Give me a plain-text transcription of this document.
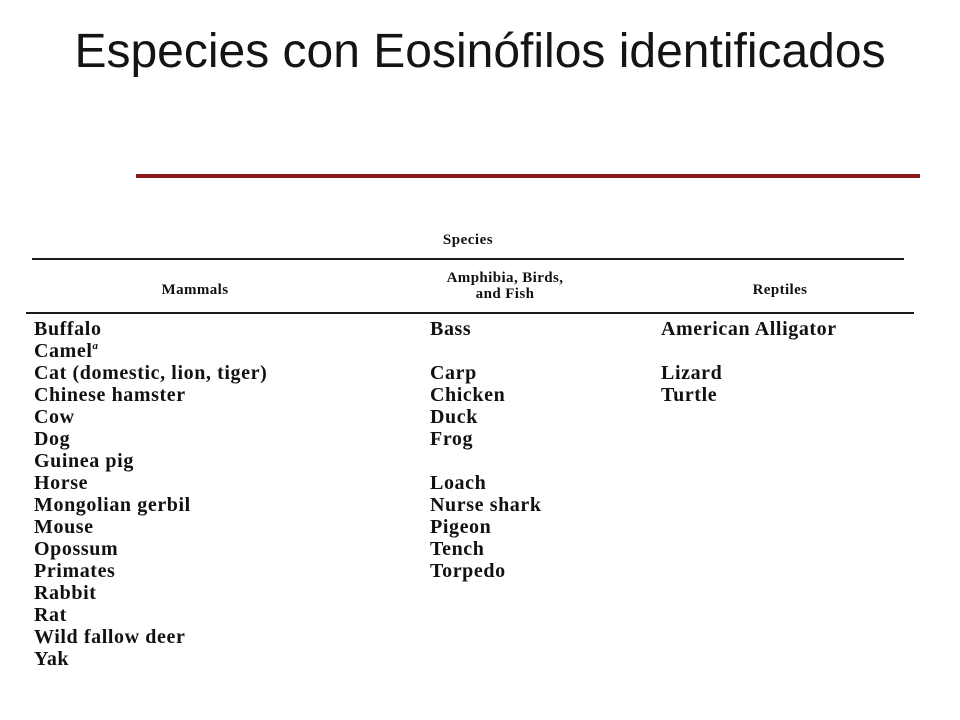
Especies con Eosinófilos identificados
Species
Mammals
Amphibia, Birds,
and Fish	Reptiles
Buffalo
Camel$^a$
Cat (domestic, lion, tiger)
Chinese hamster
Cow
Dog
Guinea pig
Horse
Mongolian gerbil
Mouse
Opossum
Primates
Rabbit
Rat
Wild fallow deer
Yak
Bass
Carp
Chicken
Duck
Frog
Loach
Nurse shark
Pigeon
Tench
Torpedo
American Alligator
Lizard
Turtle
